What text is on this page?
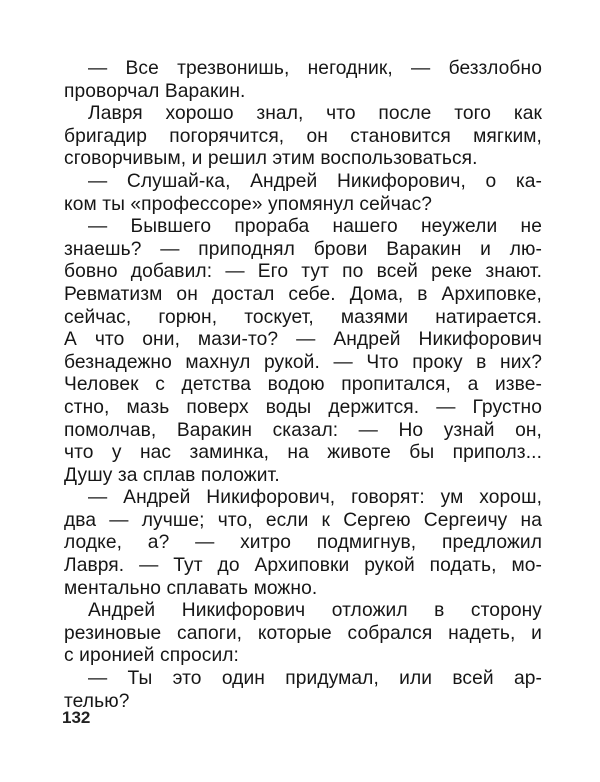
— Все трезвонишь, негодник, — беззлобно
проворчал Варакин.
Лавря хорошо знал, что после того как
бригадир погорячится, он становится мягким,
сговорчивым, и решил этим воспользоваться.
— Слушай-ка, Андрей Никифорович, о ка-
ком ты «профессоре» упомянул сейчас?
— Бывшего прораба нашего неужели не
знаешь? — приподнял брови Варакин и лю-
бовно добавил: — Его тут по всей реке знают.
Ревматизм он достал себе. Дома, в Архиповке,
сейчас, горюн, тоскует, мазями натирается.
А что они, мази-то? — Андрей Никифорович
безнадежно махнул рукой. — Что проку в них?
Человек с детства водою пропитался, а изве-
стно, мазь поверх воды держится. — Грустно
помолчав, Варакин сказал: — Но узнай он,
что у нас заминка, на животе бы приполз...
Душу за сплав положит.
— Андрей Никифорович, говорят: ум хорош,
два — лучше; что, если к Сергею Сергеичу на
лодке, а? — хитро подмигнув, предложил
Лавря. — Тут до Архиповки рукой подать, мо-
ментально сплавать можно.
Андрей Никифорович отложил в сторону
резиновые сапоги, которые собрался надеть, и
с иронией спросил:
— Ты это один придумал, или всей ар-
телью?
132
